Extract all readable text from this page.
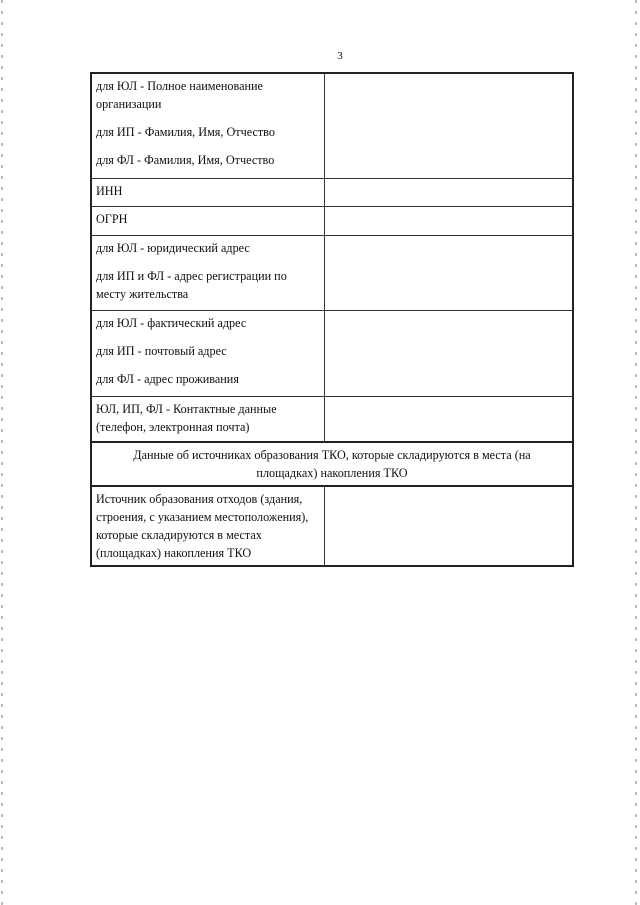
3
для ЮЛ - Полное наименование
организации
для ИП - Фамилия, Имя, Отчество
для ФЛ - Фамилия, Имя, Отчество	

ИНН	

ОГРН	

для ЮЛ - юридический адрес
для ИП и ФЛ - адрес регистрации по
месту жительства	

для ЮЛ - фактический адрес
для ИП - почтовый адрес
для ФЛ - адрес проживания	

ЮЛ, ИП, ФЛ - Контактные данные
(телефон, электронная почта)	

Данные об источниках образования ТКО, которые складируются в места (на
площадках) накопления ТКО	

Источник образования отходов (здания,
строения, с указанием местоположения),
которые складируются в местах
(площадках) накопления ТКО	
